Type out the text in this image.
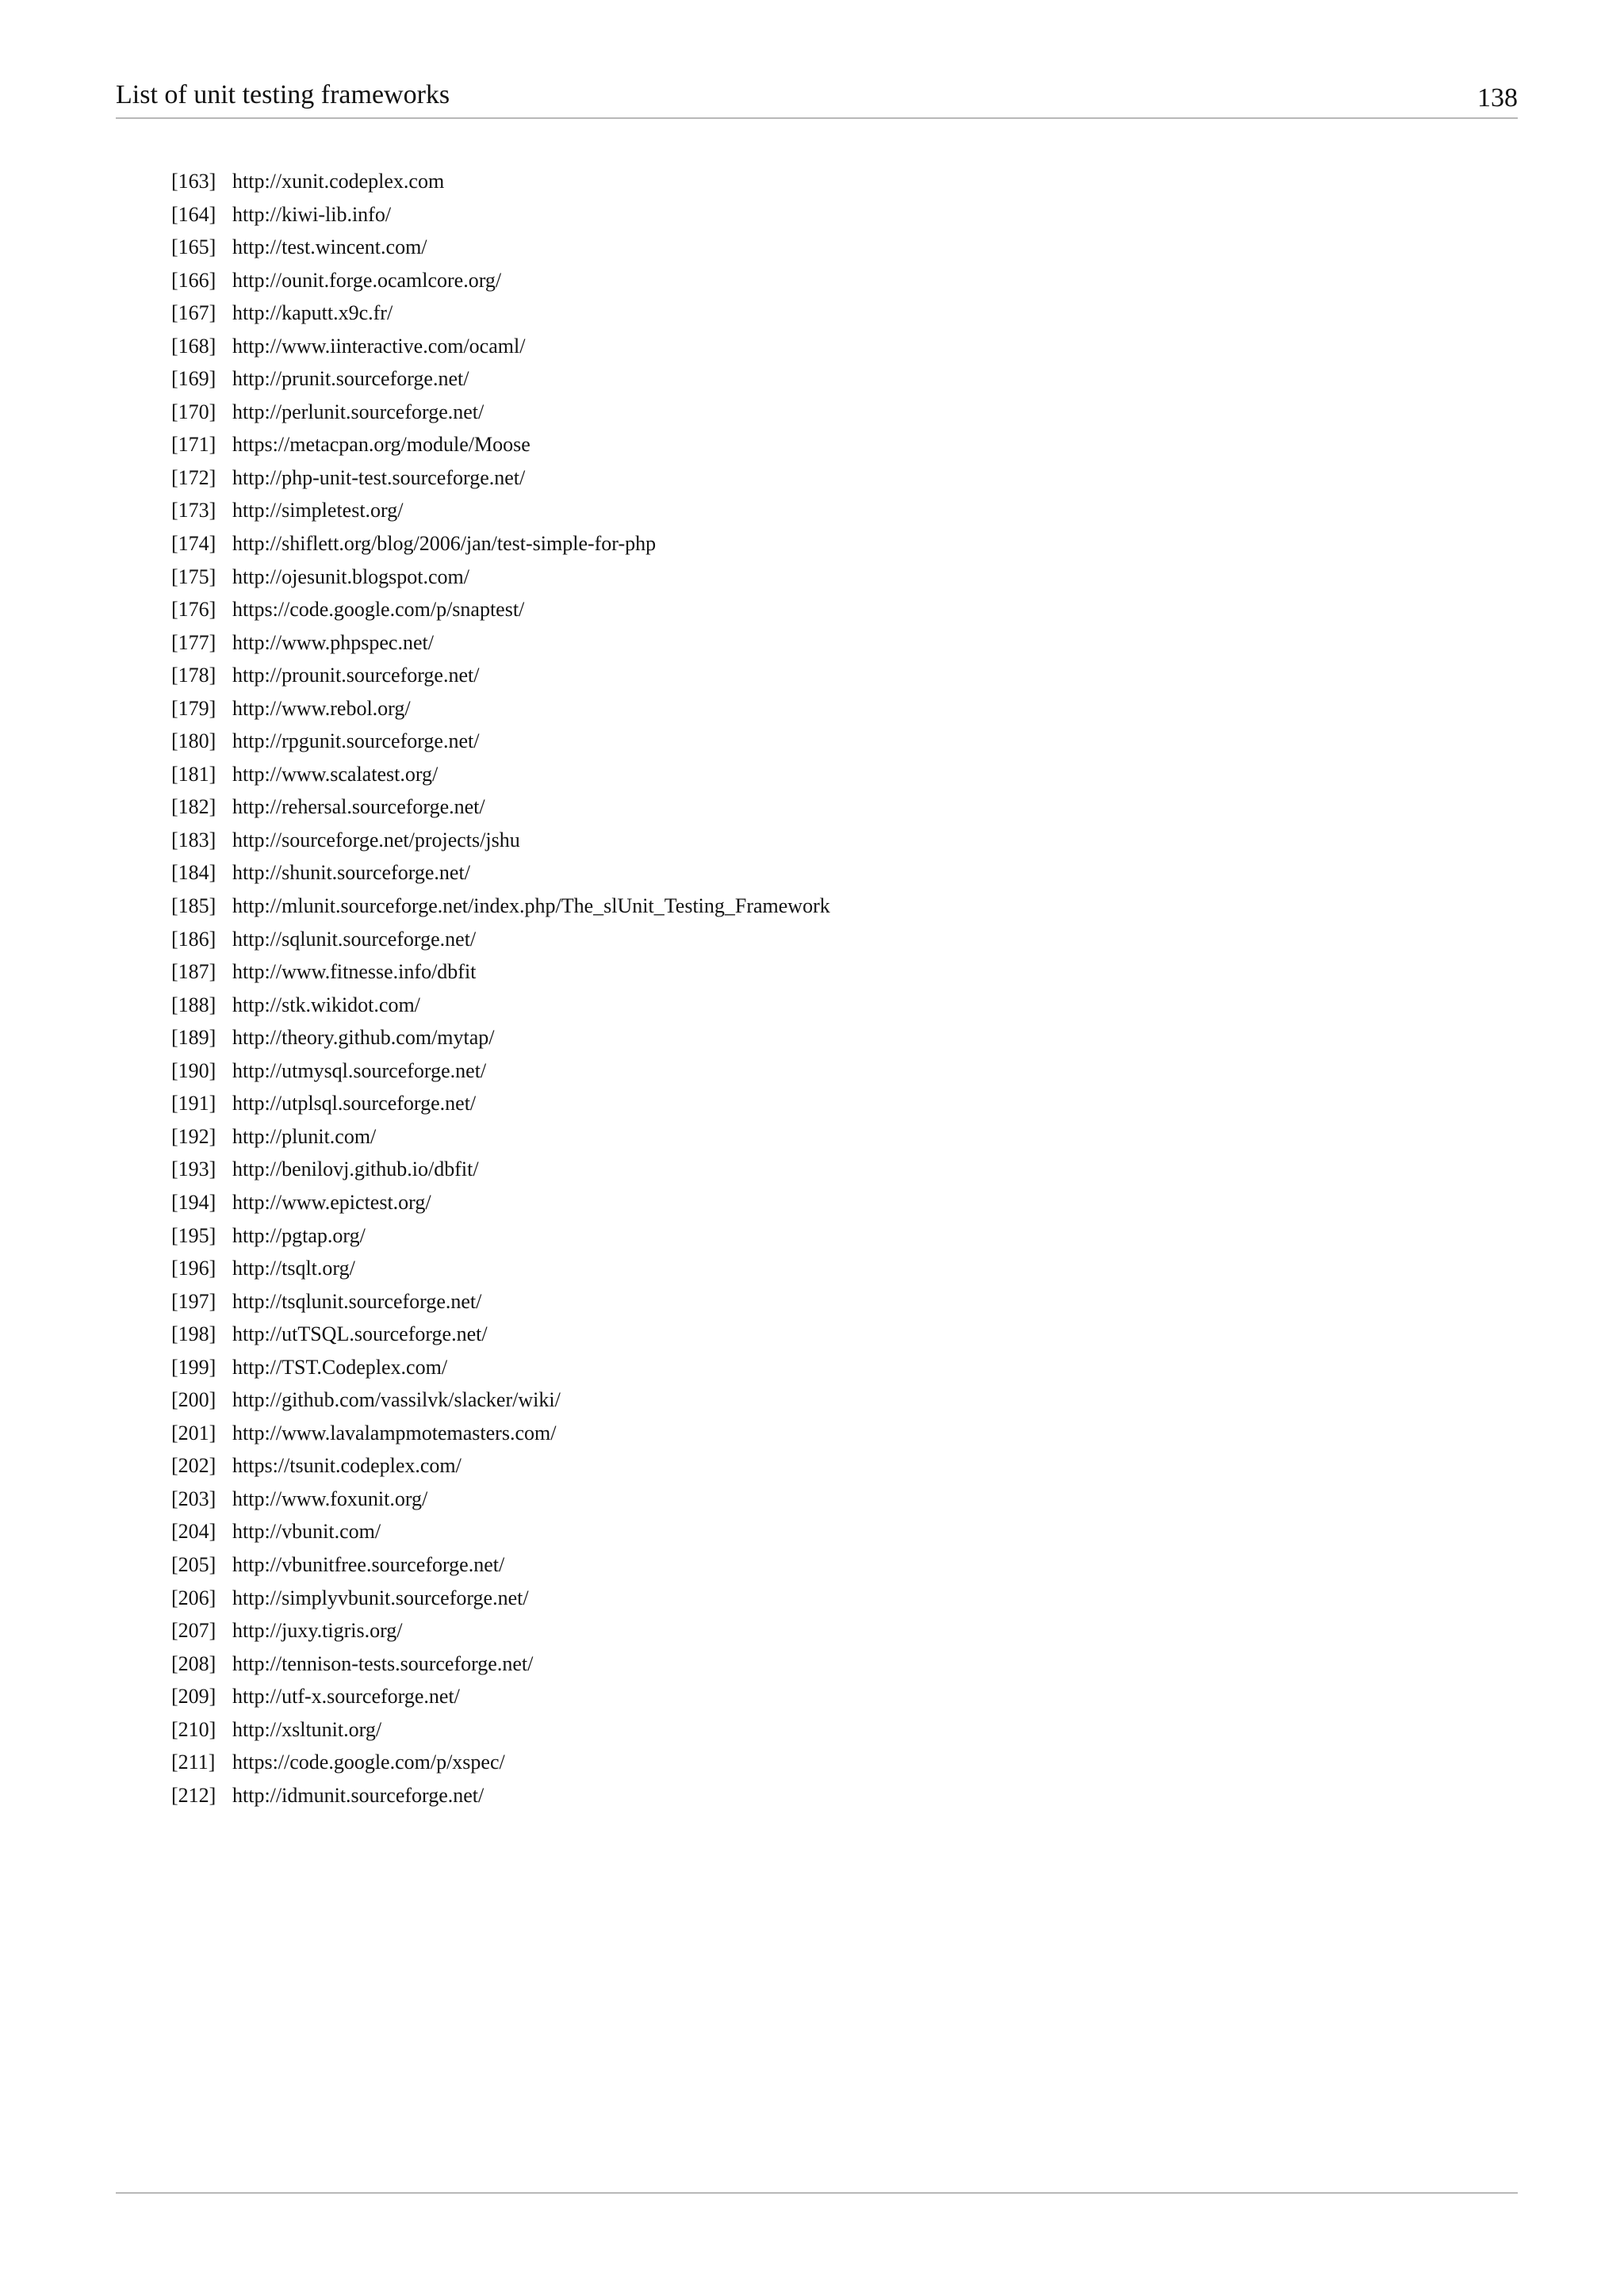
List of unit testing frameworks	138
[163] http://xunit.codeplex.com
[164] http://kiwi-lib.info/
[165] http://test.wincent.com/
[166] http://ounit.forge.ocamlcore.org/
[167] http://kaputt.x9c.fr/
[168] http://www.iinteractive.com/ocaml/
[169] http://prunit.sourceforge.net/
[170] http://perlunit.sourceforge.net/
[171] https://metacpan.org/module/Moose
[172] http://php-unit-test.sourceforge.net/
[173] http://simpletest.org/
[174] http://shiflett.org/blog/2006/jan/test-simple-for-php
[175] http://ojesunit.blogspot.com/
[176] https://code.google.com/p/snaptest/
[177] http://www.phpspec.net/
[178] http://prounit.sourceforge.net/
[179] http://www.rebol.org/
[180] http://rpgunit.sourceforge.net/
[181] http://www.scalatest.org/
[182] http://rehersal.sourceforge.net/
[183] http://sourceforge.net/projects/jshu
[184] http://shunit.sourceforge.net/
[185] http://mlunit.sourceforge.net/index.php/The_slUnit_Testing_Framework
[186] http://sqlunit.sourceforge.net/
[187] http://www.fitnesse.info/dbfit
[188] http://stk.wikidot.com/
[189] http://theory.github.com/mytap/
[190] http://utmysql.sourceforge.net/
[191] http://utplsql.sourceforge.net/
[192] http://plunit.com/
[193] http://benilovj.github.io/dbfit/
[194] http://www.epictest.org/
[195] http://pgtap.org/
[196] http://tsqlt.org/
[197] http://tsqlunit.sourceforge.net/
[198] http://utTSQL.sourceforge.net/
[199] http://TST.Codeplex.com/
[200] http://github.com/vassilvk/slacker/wiki/
[201] http://www.lavalampmotemasters.com/
[202] https://tsunit.codeplex.com/
[203] http://www.foxunit.org/
[204] http://vbunit.com/
[205] http://vbunitfree.sourceforge.net/
[206] http://simplyvbunit.sourceforge.net/
[207] http://juxy.tigris.org/
[208] http://tennison-tests.sourceforge.net/
[209] http://utf-x.sourceforge.net/
[210] http://xsltunit.org/
[211] https://code.google.com/p/xspec/
[212] http://idmunit.sourceforge.net/
